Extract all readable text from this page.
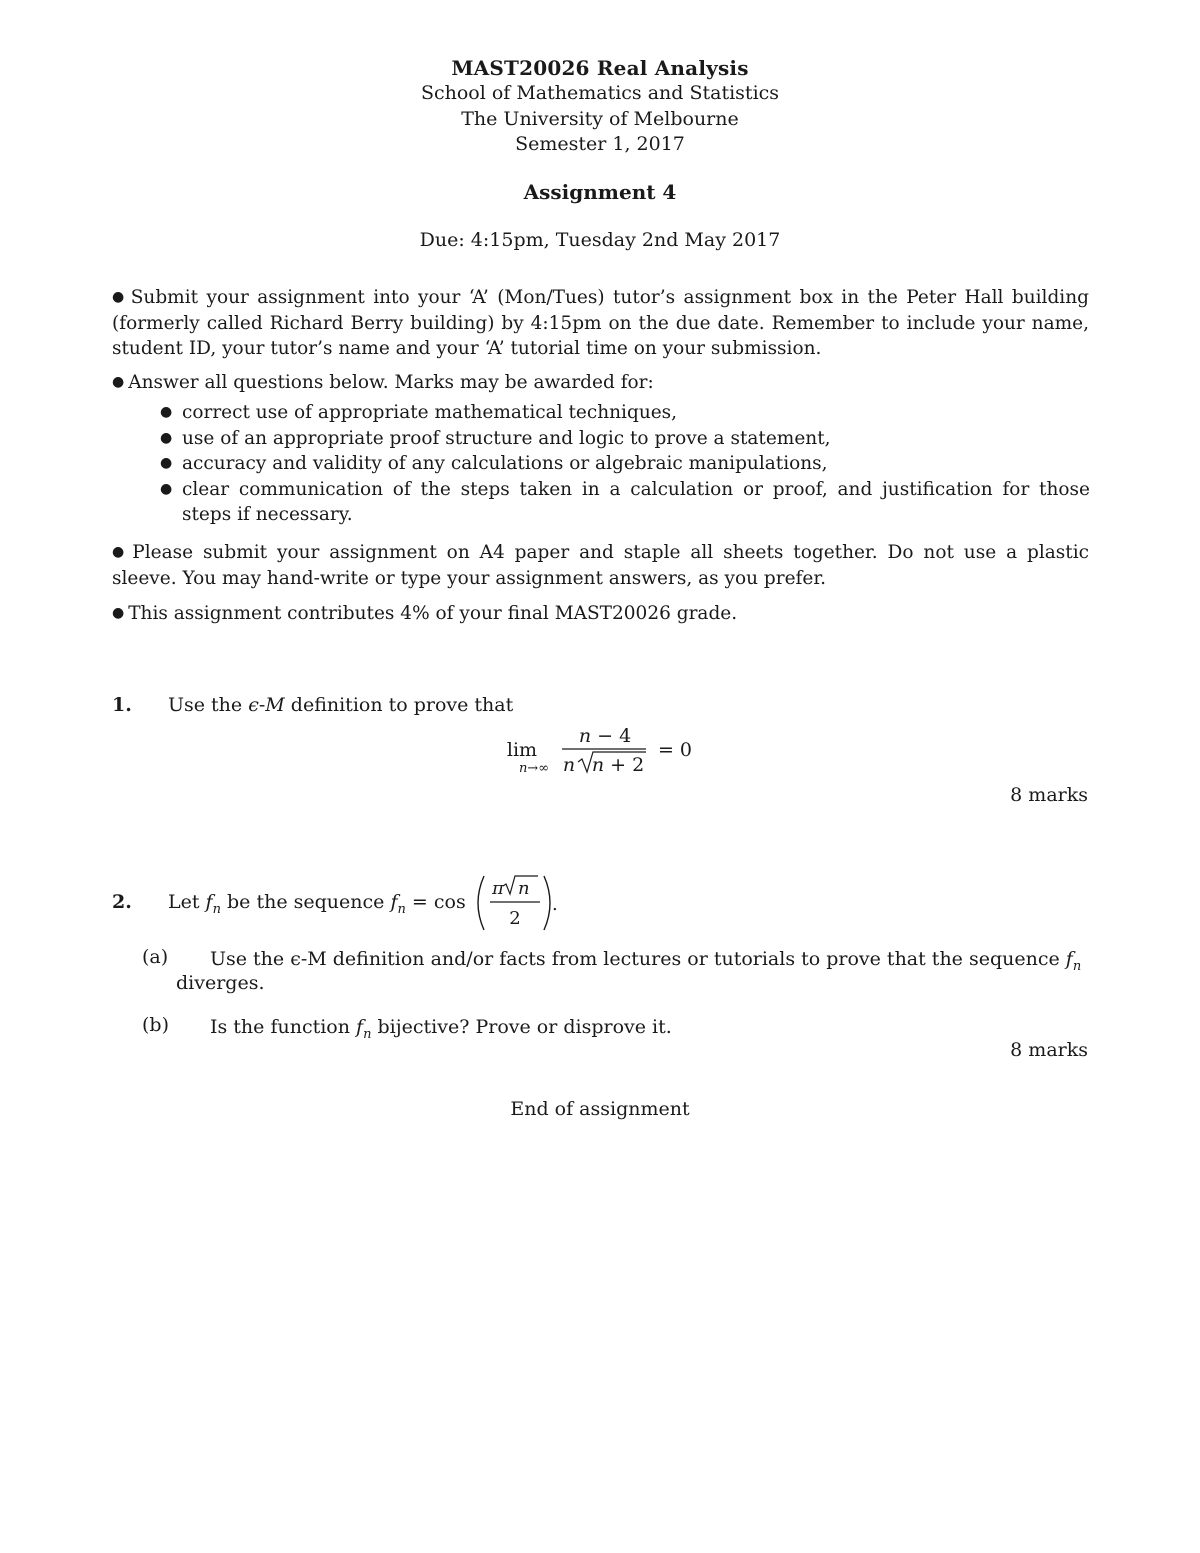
MAST20026 Real Analysis
School of Mathematics and Statistics
The University of Melbourne
Semester 1, 2017
Assignment 4
Due: 4:15pm, Tuesday 2nd May 2017
● Submit your assignment into your ‘A’ (Mon/Tues) tutor’s assignment box in the Peter Hall building (formerly called Richard Berry building) by 4:15pm on the due date. Remember to include your name, student ID, your tutor’s name and your ‘A’ tutorial time on your submission.
● Answer all questions below. Marks may be awarded for:
● correct use of appropriate mathematical techniques,
● use of an appropriate proof structure and logic to prove a statement,
● accuracy and validity of any calculations or algebraic manipulations,
● clear communication of the steps taken in a calculation or proof, and justification for those steps if necessary.
● Please submit your assignment on A4 paper and staple all sheets together. Do not use a plastic sleeve. You may hand-write or type your assignment answers, as you prefer.
● This assignment contributes 4% of your final MAST20026 grade.
1. Use the ϵ-M definition to prove that
lim
n→∞
n − 4
n n + 2
= 0
8 marks
2. Let $f_n$ be the sequence $f_n = \cos$
π n
2
.
(a) Use the ϵ-M definition and/or facts from lectures or tutorials to prove that the sequence $f_n$
diverges.
(b) Is the function $f_n$ bijective? Prove or disprove it.
8 marks
End of assignment
